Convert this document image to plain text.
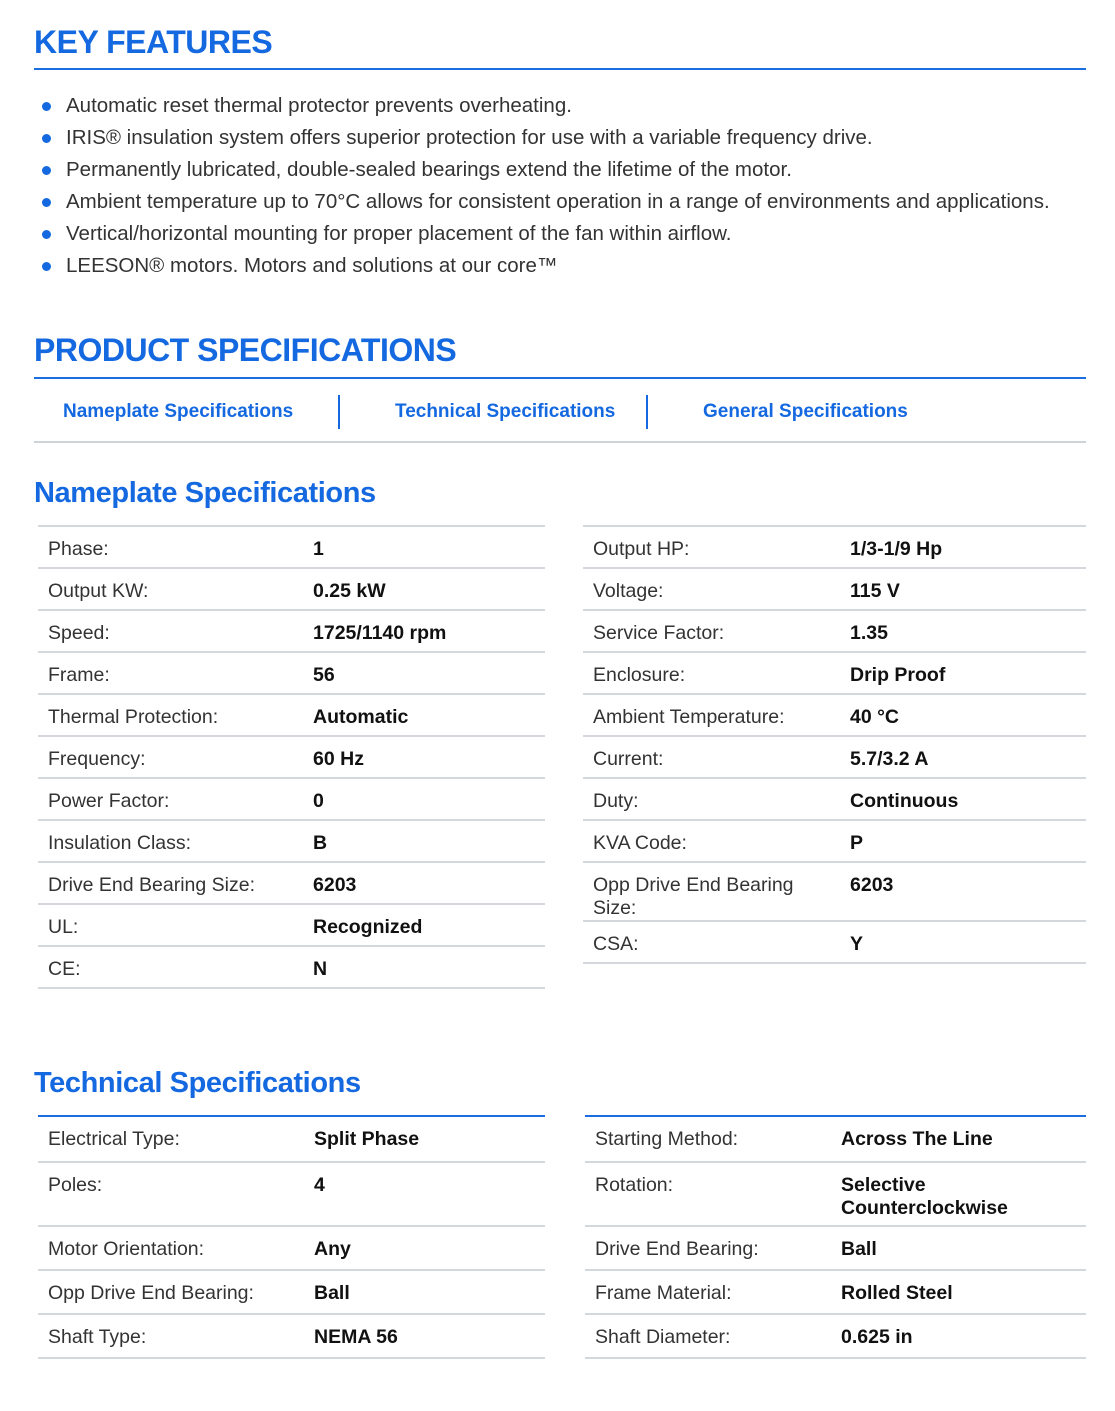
KEY FEATURES
Automatic reset thermal protector prevents overheating.
IRIS® insulation system offers superior protection for use with a variable frequency drive.
Permanently lubricated, double-sealed bearings extend the lifetime of the motor.
Ambient temperature up to 70°C allows for consistent operation in a range of environments and applications.
Vertical/horizontal mounting for proper placement of the fan within airflow.
LEESON® motors. Motors and solutions at our core™
PRODUCT SPECIFICATIONS
Nameplate Specifications	Technical Specifications	General Specifications
Nameplate Specifications
Phase:	1
Output KW:	0.25 kW
Speed:	1725/1140 rpm
Frame:	56
Thermal Protection:	Automatic
Frequency:	60 Hz
Power Factor:	0
Insulation Class:	B
Drive End Bearing Size:	6203
UL:	Recognized
CE:	N
Output HP:	1/3-1/9 Hp
Voltage:	115 V
Service Factor:	1.35
Enclosure:	Drip Proof
Ambient Temperature:	40 °C
Current:	5.7/3.2 A
Duty:	Continuous
KVA Code:	P
Opp Drive End Bearing Size:	6203
CSA:	Y
Technical Specifications
Electrical Type:	Split Phase
Poles:	4
Motor Orientation:	Any
Opp Drive End Bearing:	Ball
Shaft Type:	NEMA 56
Starting Method:	Across The Line
Rotation:	Selective Counterclockwise
Drive End Bearing:	Ball
Frame Material:	Rolled Steel
Shaft Diameter:	0.625 in
